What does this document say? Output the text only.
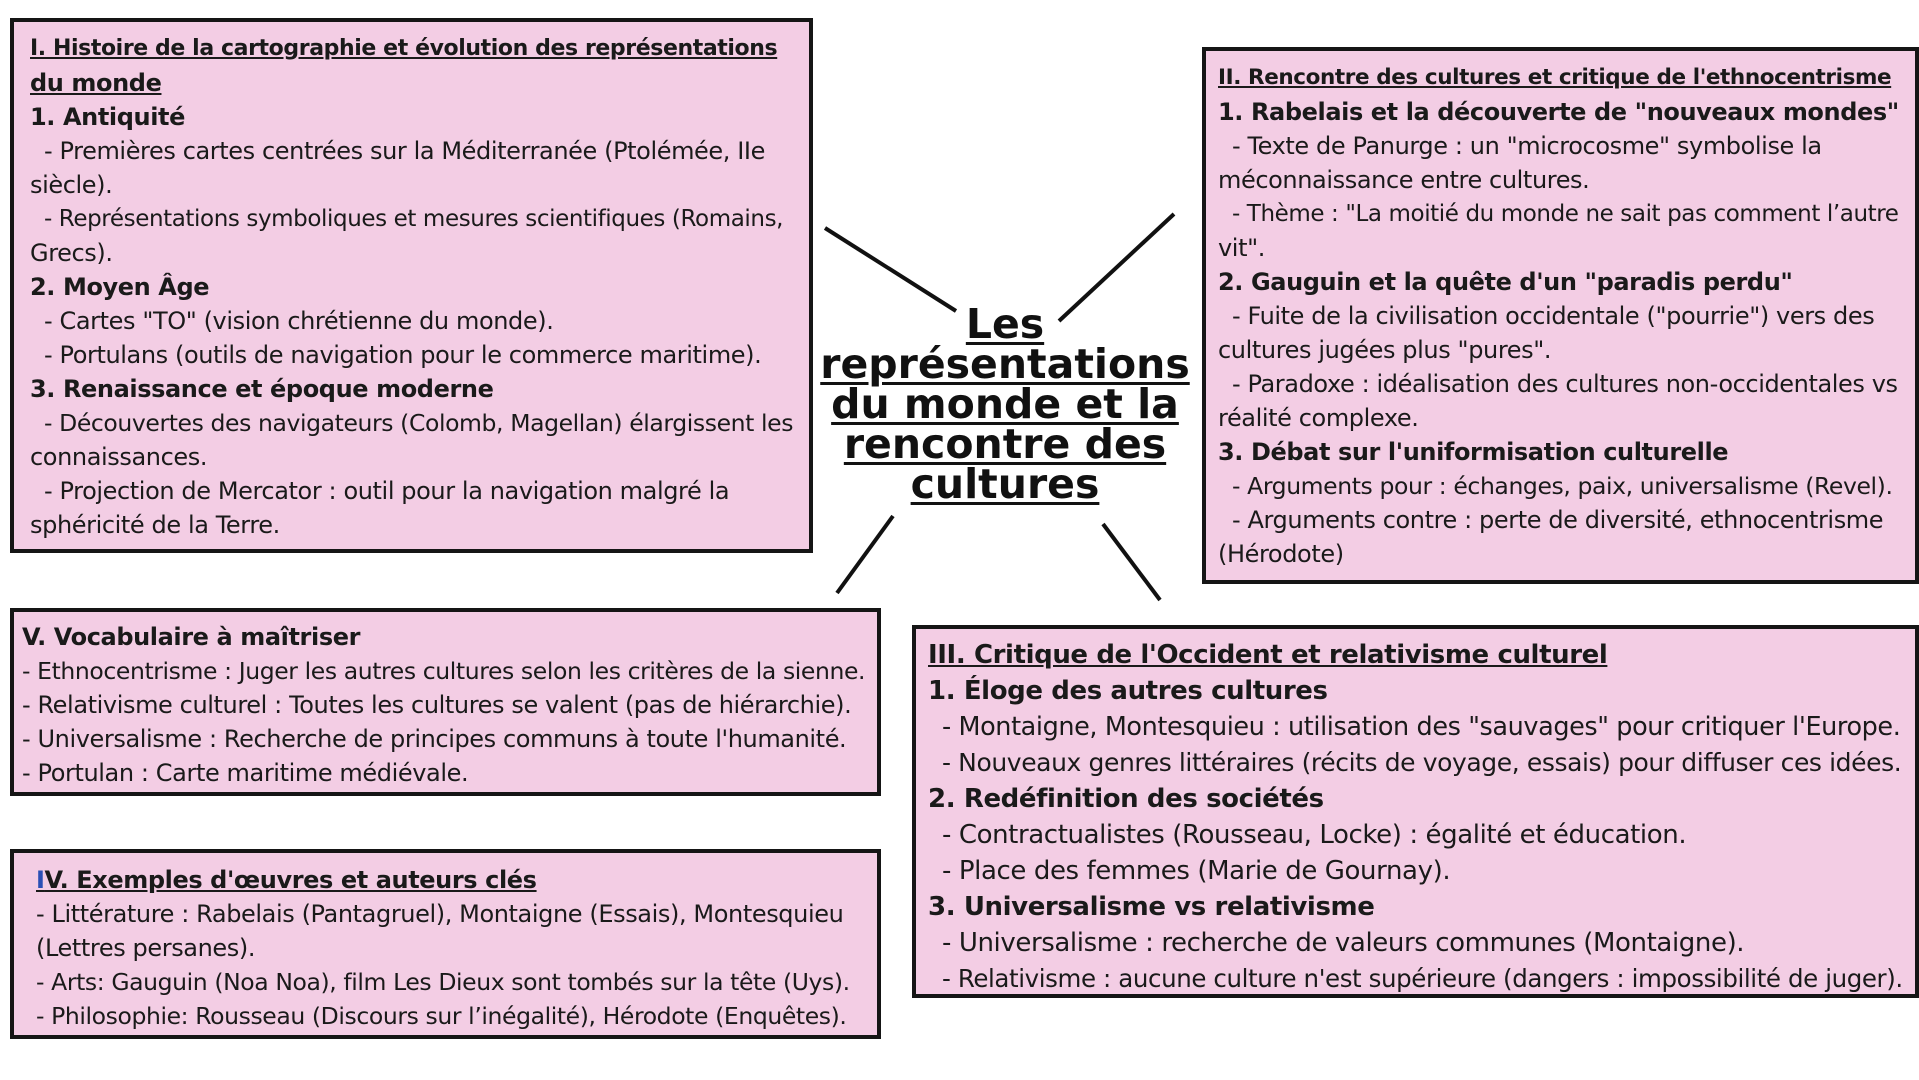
Les
représentations
du monde et la
rencontre des
cultures
I. Histoire de la cartographie et évolution des représentations
du monde
1. Antiquité
- Premières cartes centrées sur la Méditerranée (Ptolémée, IIe
siècle).
- Représentations symboliques et mesures scientifiques (Romains,
Grecs).
2. Moyen Âge
- Cartes "TO" (vision chrétienne du monde).
- Portulans (outils de navigation pour le commerce maritime).
3. Renaissance et époque moderne
- Découvertes des navigateurs (Colomb, Magellan) élargissent les
connaissances.
- Projection de Mercator : outil pour la navigation malgré la
sphéricité de la Terre.
II. Rencontre des cultures et critique de l'ethnocentrisme
1. Rabelais et la découverte de "nouveaux mondes"
- Texte de Panurge : un "microcosme" symbolise la
méconnaissance entre cultures.
- Thème : "La moitié du monde ne sait pas comment l’autre
vit".
2. Gauguin et la quête d'un "paradis perdu"
- Fuite de la civilisation occidentale ("pourrie") vers des
cultures jugées plus "pures".
- Paradoxe : idéalisation des cultures non-occidentales vs
réalité complexe.
3. Débat sur l'uniformisation culturelle
- Arguments pour : échanges, paix, universalisme (Revel).
- Arguments contre : perte de diversité, ethnocentrisme
(Hérodote)
V. Vocabulaire à maîtriser
- Ethnocentrisme : Juger les autres cultures selon les critères de la sienne.
- Relativisme culturel : Toutes les cultures se valent (pas de hiérarchie).
- Universalisme : Recherche de principes communs à toute l'humanité.
- Portulan : Carte maritime médiévale.
IV. Exemples d'œuvres et auteurs clés
- Littérature : Rabelais (Pantagruel), Montaigne (Essais), Montesquieu
(Lettres persanes).
- Arts: Gauguin (Noa Noa), film Les Dieux sont tombés sur la tête (Uys).
- Philosophie: Rousseau (Discours sur l’inégalité), Hérodote (Enquêtes).
III. Critique de l'Occident et relativisme culturel
1. Éloge des autres cultures
- Montaigne, Montesquieu : utilisation des "sauvages" pour critiquer l'Europe.
- Nouveaux genres littéraires (récits de voyage, essais) pour diffuser ces idées.
2. Redéfinition des sociétés
- Contractualistes (Rousseau, Locke) : égalité et éducation.
- Place des femmes (Marie de Gournay).
3. Universalisme vs relativisme
- Universalisme : recherche de valeurs communes (Montaigne).
- Relativisme : aucune culture n'est supérieure (dangers : impossibilité de juger).
